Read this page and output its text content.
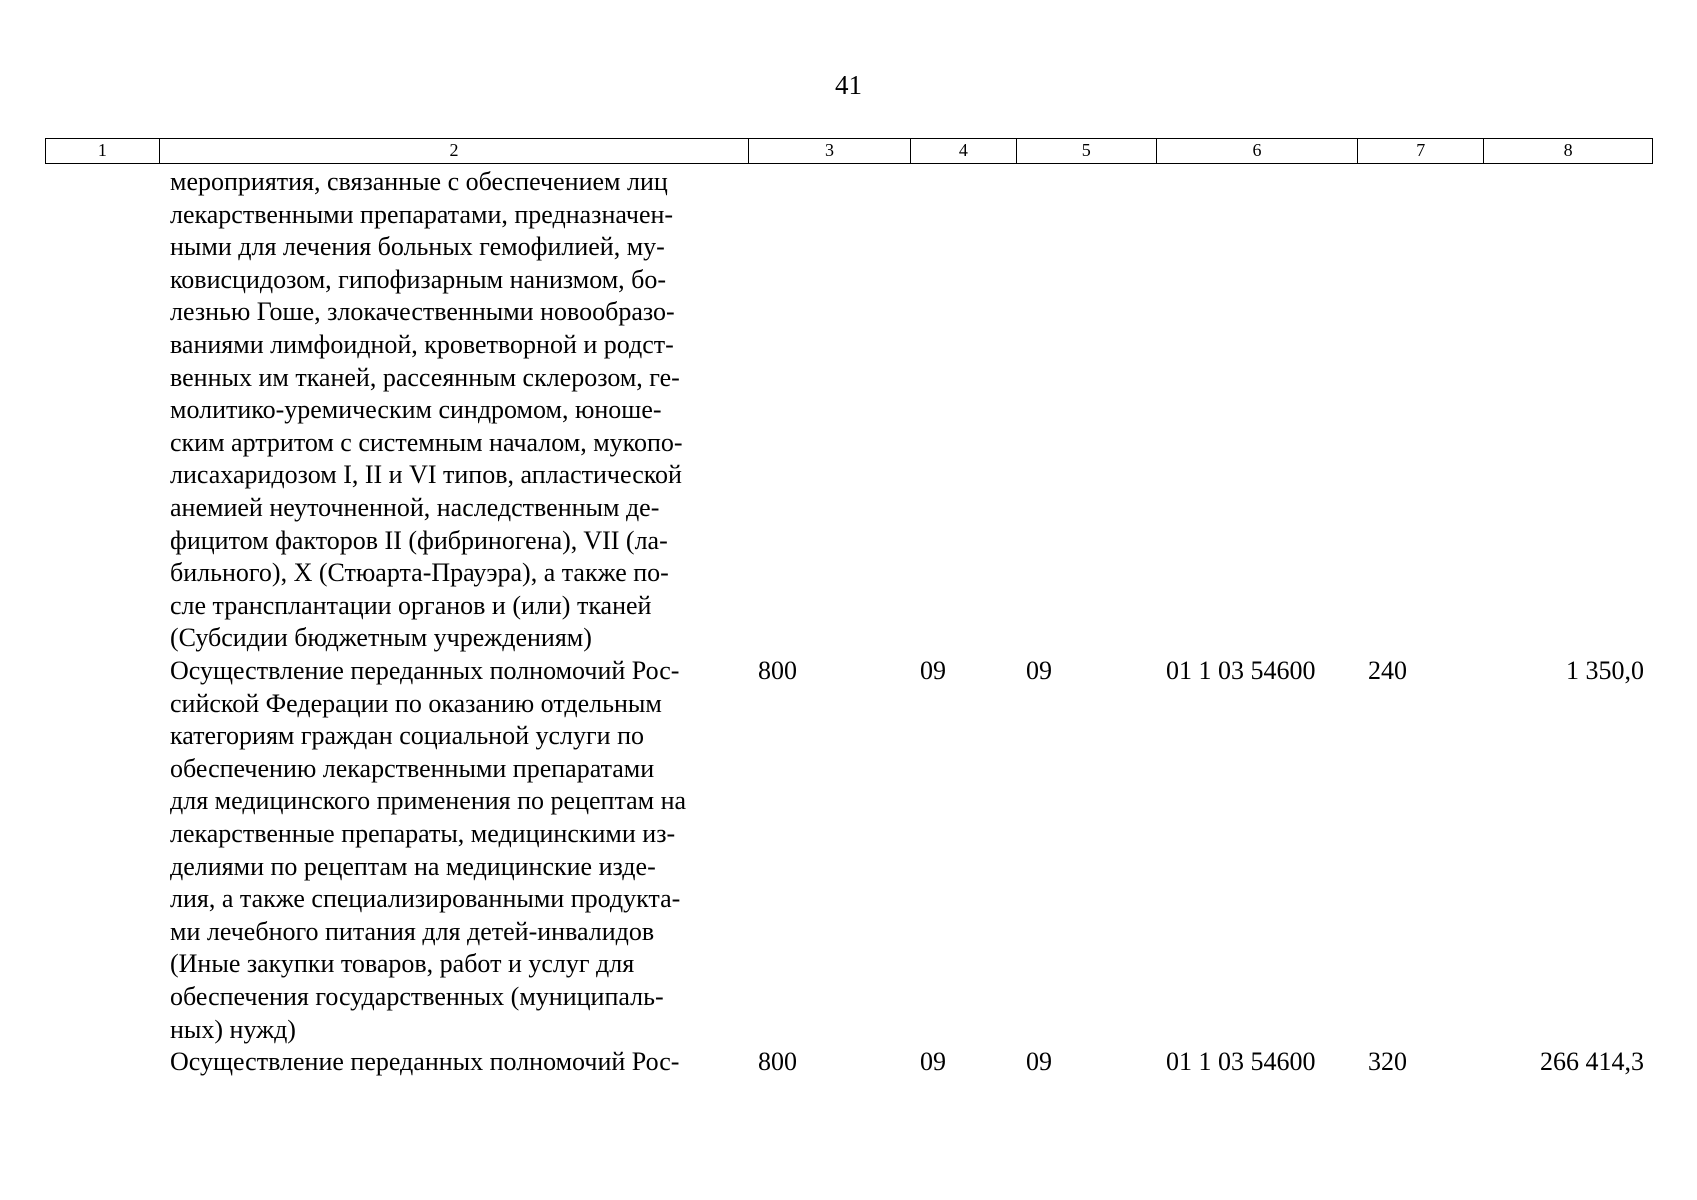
41
1	2	3	4	5	6	7	8
мероприятия, связанные с обеспечением лиц
лекарственными препаратами, предназначен-
ными для лечения больных гемофилией, му-
ковисцидозом, гипофизарным нанизмом, бо-
лезнью Гоше, злокачественными новообразо-
ваниями лимфоидной, кроветворной и родст-
венных им тканей, рассеянным склерозом, ге-
молитико-уремическим синдромом, юноше-
ским артритом с системным началом, мукопо-
лисахаридозом I, II и VI типов, апластической
анемией неуточненной, наследственным де-
фицитом факторов II (фибриногена), VII (ла-
бильного), X (Стюарта-Прауэра), а также по-
сле трансплантации органов и (или) тканей
(Субсидии бюджетным учреждениям)
Осуществление переданных полномочий Рос-
сийской Федерации по оказанию отдельным
категориям граждан социальной услуги по
обеспечению лекарственными препаратами
для медицинского применения по рецептам на
лекарственные препараты, медицинскими из-
делиями по рецептам на медицинские изде-
лия, а также специализированными продукта-
ми лечебного питания для детей-инвалидов
(Иные закупки товаров, работ и услуг для
обеспечения государственных (муниципаль-
ных) нужд)
800	09	09	01 1 03 54600 240	1 350,0
Осуществление переданных полномочий Рос-	800	09	09	01 1 03 54600 320	266 414,3
